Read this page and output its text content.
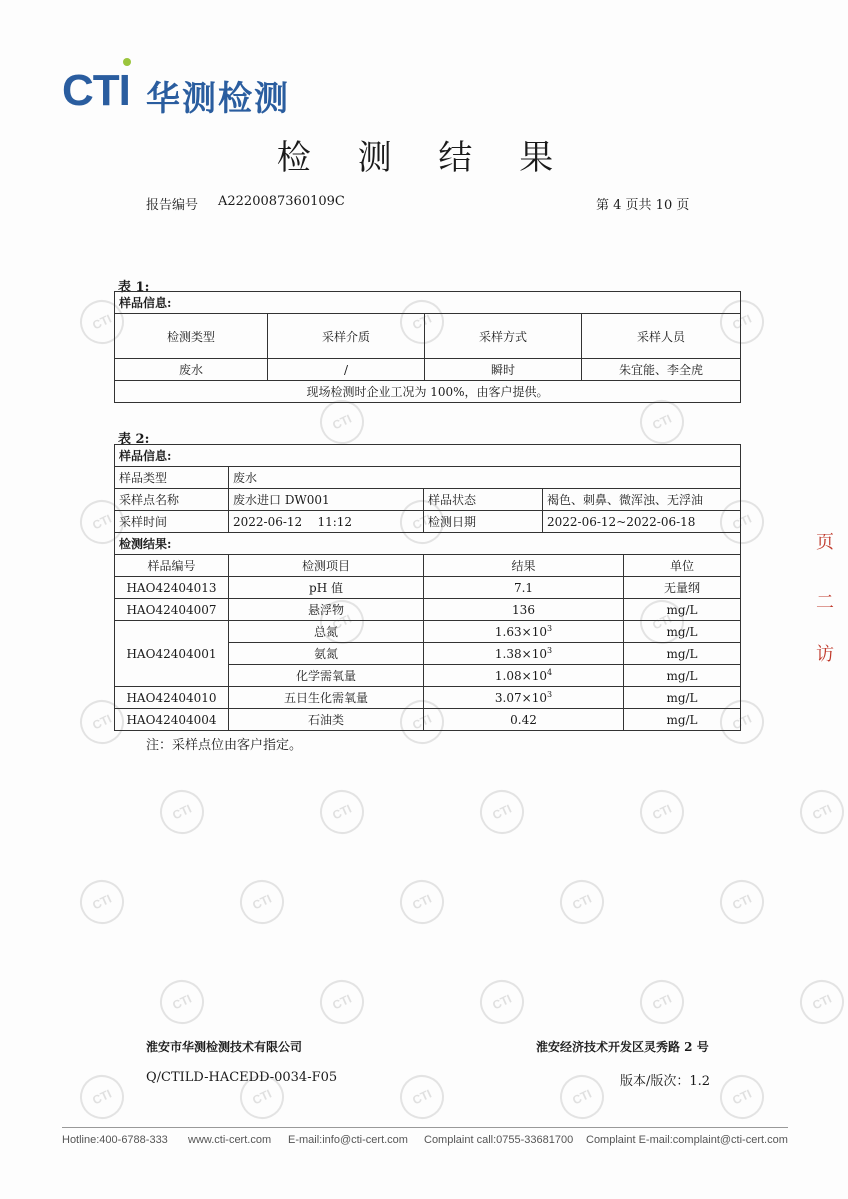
CTI	CTI	CTI
CTI	CTI
CTI	CTI	CTI
CTI	CTI
CTI	CTI	CTI
CTI	CTI	CTI	CTI	CTI
CTI	CTI	CTI	CTI	CTI
CTI	CTI	CTI	CTI	CTI
CTI	CTI	CTI	CTI	CTI
CTI 华测检测
检 测 结 果
报告编号 A2220087360109C	第 4 页共 10 页
表 1:
样品信息:			
检测类型	采样介质	采样方式	采样人员
废水	/	瞬时	朱宜能、李全虎
现场检测时企业工况为 100%，由客户提供。			
表 2:
样品信息:			
样品类型	废水		
采样点名称	废水进口 DW001	样品状态	褐色、刺鼻、微浑浊、无浮油
采样时间	2022-06-12    11:12	检测日期	2022-06-12~2022-06-18
检测结果:			
样品编号	检测项目	结果	单位
HAO42404013	pH 值	7.1	无量纲
HAO42404007	悬浮物	136	mg/L
HAO42404001	总氮	$1.63\times 10^3$	mg/L
	氨氮	$1.38\times 10^3$	mg/L
	化学需氧量	$1.08\times 10^4$	mg/L
HAO42404010	五日生化需氧量	$3.07\times 10^3$	mg/L
HAO42404004	石油类	0.42	mg/L
注：采样点位由客户指定。
页
二
访
淮安市华测检测技术有限公司	淮安经济技术开发区灵秀路 2 号
Q/CTILD-HACEDD-0034-F05	版本/版次：1.2
Hotline:400-6788-333 www.cti-cert.com E-mail:info@cti-cert.com Complaint call:0755-33681700 Complaint E-mail:complaint@cti-cert.com
